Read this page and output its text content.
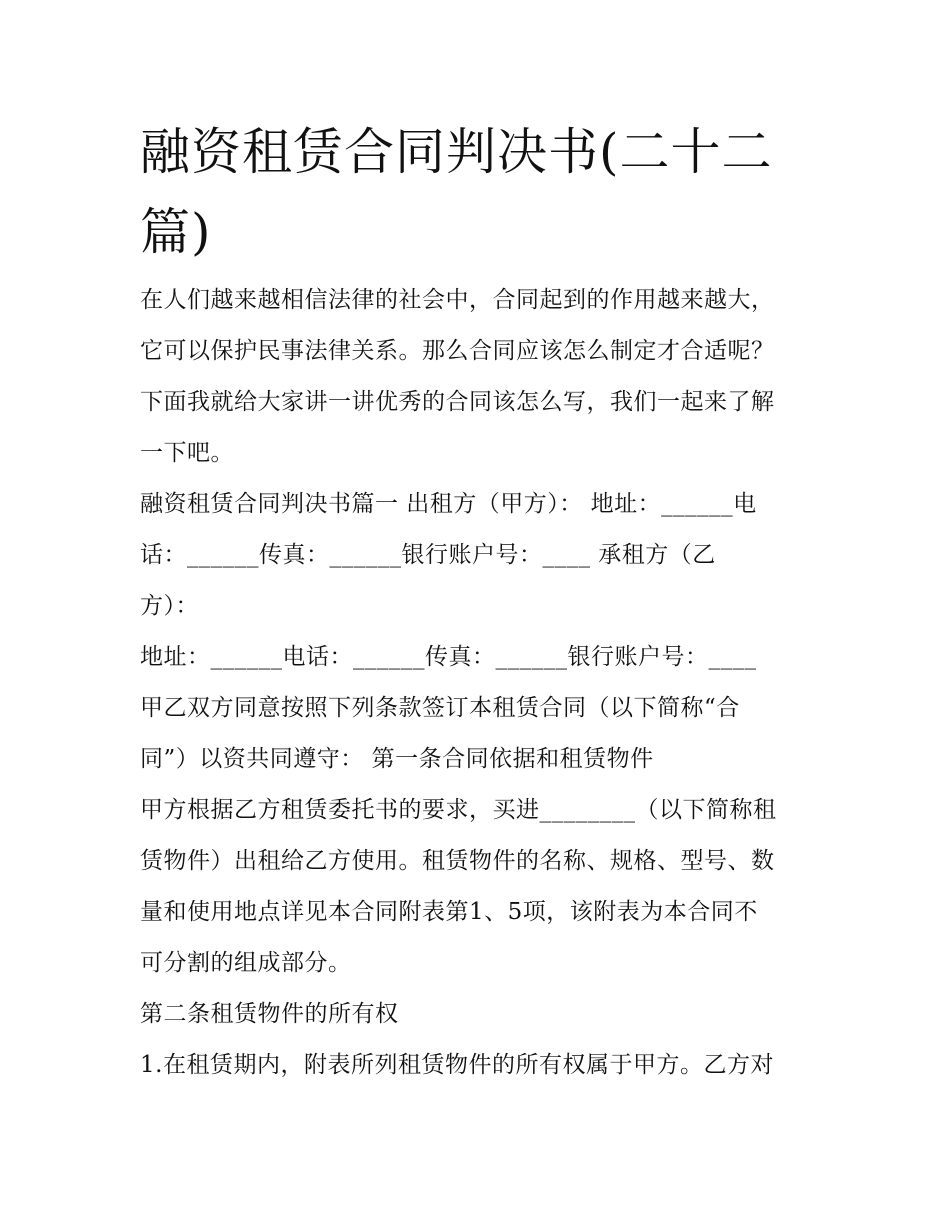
融资租赁合同判决书(二十二篇)
在人们越来越相信法律的社会中，合同起到的作用越来越大，
它可以保护民事法律关系。那么合同应该怎么制定才合适呢？
下面我就给大家讲一讲优秀的合同该怎么写，我们一起来了解
一下吧。
融资租赁合同判决书篇一 出租方（甲方）： 地址：______电
话：______传真：______银行账户号：____ 承租方（乙
方）：
地址：______电话：______传真：______银行账户号：____
甲乙双方同意按照下列条款签订本租赁合同（以下简称“合
同”）以资共同遵守： 第一条合同依据和租赁物件
甲方根据乙方租赁委托书的要求，买进________（以下简称租
赁物件）出租给乙方使用。租赁物件的名称、规格、型号、数
量和使用地点详见本合同附表第1、5项，该附表为本合同不
可分割的组成部分。
第二条租赁物件的所有权
1.在租赁期内，附表所列租赁物件的所有权属于甲方。乙方对
